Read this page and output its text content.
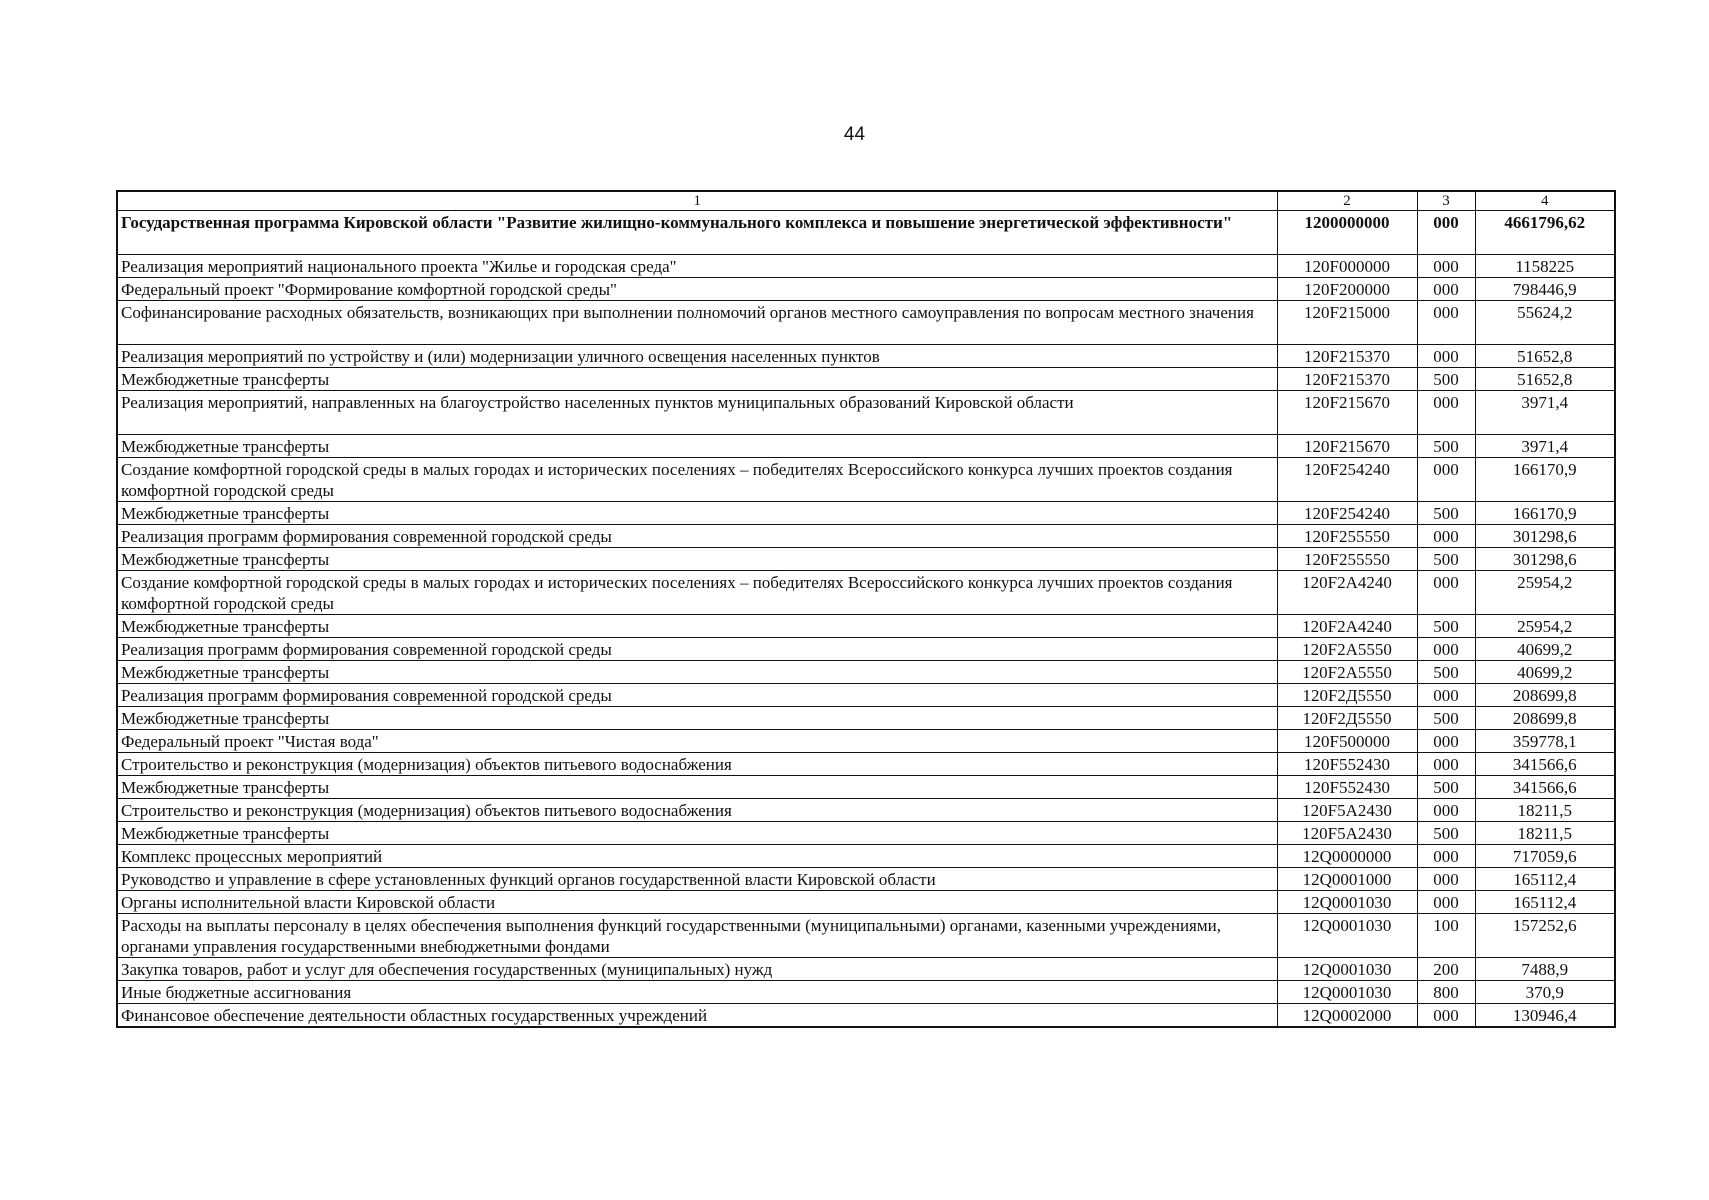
44
1	2	3	4
Государственная программа Кировской области "Развитие жилищно-коммунального комплекса и повышение энергетической эффективности"	1200000000	000	4661796,62
Реализация мероприятий национального проекта "Жилье и городская среда"	120F000000	000	1158225
Федеральный проект "Формирование комфортной городской среды"	120F200000	000	798446,9
Софинансирование расходных обязательств, возникающих при выполнении полномочий органов местного самоуправления по вопросам местного значения	120F215000	000	55624,2
Реализация мероприятий по устройству и (или) модернизации уличного освещения населенных пунктов	120F215370	000	51652,8
Межбюджетные трансферты	120F215370	500	51652,8
Реализация мероприятий, направленных на благоустройство населенных пунктов муниципальных образований Кировской области	120F215670	000	3971,4
Межбюджетные трансферты	120F215670	500	3971,4
Создание комфортной городской среды в малых городах и исторических поселениях – победителях Всероссийского конкурса лучших проектов создания комфортной городской среды	120F254240	000	166170,9
Межбюджетные трансферты	120F254240	500	166170,9
Реализация программ формирования современной городской среды	120F255550	000	301298,6
Межбюджетные трансферты	120F255550	500	301298,6
Создание комфортной городской среды в малых городах и исторических поселениях – победителях Всероссийского конкурса лучших проектов создания комфортной городской среды	120F2A4240	000	25954,2
Межбюджетные трансферты	120F2A4240	500	25954,2
Реализация программ формирования современной городской среды	120F2A5550	000	40699,2
Межбюджетные трансферты	120F2A5550	500	40699,2
Реализация программ формирования современной городской среды	120F2Д5550	000	208699,8
Межбюджетные трансферты	120F2Д5550	500	208699,8
Федеральный проект "Чистая вода"	120F500000	000	359778,1
Строительство и реконструкция (модернизация) объектов питьевого водоснабжения	120F552430	000	341566,6
Межбюджетные трансферты	120F552430	500	341566,6
Строительство и реконструкция (модернизация) объектов питьевого водоснабжения	120F5A2430	000	18211,5
Межбюджетные трансферты	120F5A2430	500	18211,5
Комплекс процессных мероприятий	12Q0000000	000	717059,6
Руководство и управление в сфере установленных функций органов государственной власти Кировской области	12Q0001000	000	165112,4
Органы исполнительной власти Кировской области	12Q0001030	000	165112,4
Расходы на выплаты персоналу в целях обеспечения выполнения функций государственными (муниципальными) органами, казенными учреждениями, органами управления государственными внебюджетными фондами	12Q0001030	100	157252,6
Закупка товаров, работ и услуг для обеспечения государственных (муниципальных) нужд	12Q0001030	200	7488,9
Иные бюджетные ассигнования	12Q0001030	800	370,9
Финансовое обеспечение деятельности областных государственных учреждений	12Q0002000	000	130946,4
